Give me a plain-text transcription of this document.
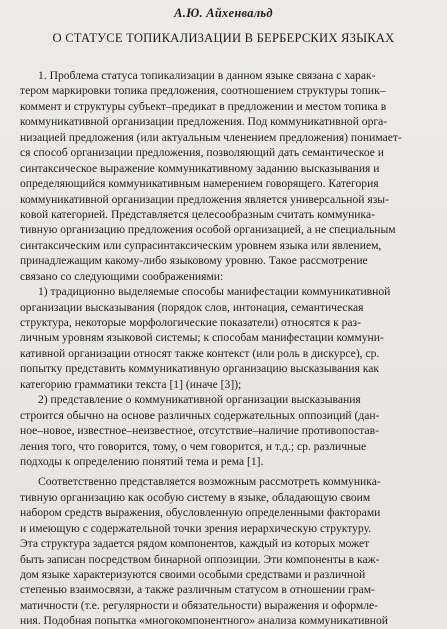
А.Ю. Айхенвальд
О СТАТУСЕ ТОПИКАЛИЗАЦИИ В БЕРБЕРСКИХ ЯЗЫКАХ
1. Проблема статуса топикализации в данном языке связана с харак-
тером маркировки топика предложения, соотношением структуры топик–
коммент и структуры субъект–предикат в предложении и местом топика в
коммуникативной организации предложения. Под коммуникативной орга-
низацией предложения (или актуальным членением предложения) понимает-
ся способ организации предложения, позволяющий дать семантическое и
синтаксическое выражение коммуникативному заданию высказывания и
определяющийся коммуникативным намерением говорящего. Категория
коммуникативной организации предложения является универсальной язы-
ковой категорией. Представляется целесообразным считать коммуника-
тивную организацию предложения особой организацией, а не специальным
синтаксическим или супрасинтаксическим уровнем языка или явлением,
принадлежащим какому-либо языковому уровню. Такое рассмотрение
связано со следующими соображениями:
1) традиционно выделяемые способы манифестации коммуникативной
организации высказывания (порядок слов, интонация, семантическая
структура, некоторые морфологические показатели) относятся к раз-
личным уровням языковой системы; к способам манифестации коммуни-
кативной организации относят также контекст (или роль в дискурсе), ср.
попытку представить коммуникативную организацию высказывания как
категорию грамматики текста [1] (иначе [3]);
2) представление о коммуникативной организации высказывания
строится обычно на основе различных содержательных оппозиций (дан-
ное–новое, известное–неизвестное, отсутствие–наличие противопостав-
ления того, что говорится, тому, о чем говорится, и т.д.; ср. различные
подходы к определению понятий тема и рема [1].
Соответственно представляется возможным рассмотреть коммуника-
тивную организацию как особую систему в языке, обладающую своим
набором средств выражения, обусловленную определенными факторами
и имеющую с содержательной точки зрения иерархическую структуру.
Эта структура задается рядом компонентов, каждый из которых может
быть записан посредством бинарной оппозиции. Эти компоненты в каж-
дом языке характеризуются своими особыми средствами и различной
степенью взаимосвязи, а также различным статусом в отношении грам-
матичности (т.е. регулярности и обязательности) выражения и оформле-
ния. Подобная попытка «многокомпонентного» анализа коммуникативной
